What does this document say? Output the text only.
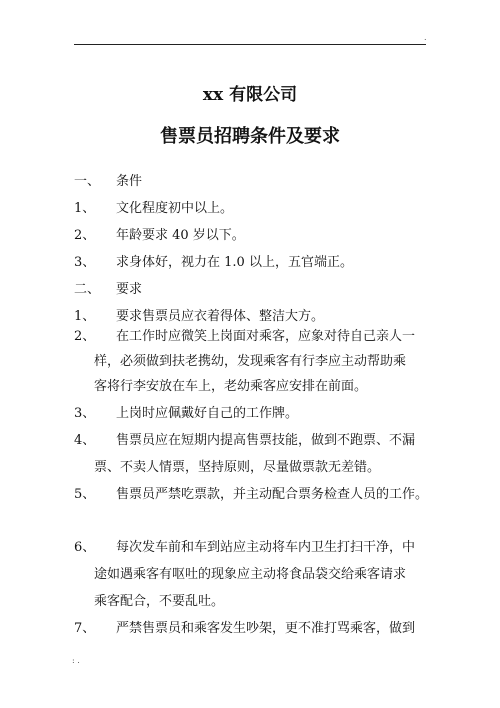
.
xx 有限公司
售票员招聘条件及要求
一、 条件
1、 文化程度初中以上。
2、 年龄要求 40 岁以下。
3、 求身体好，视力在 1.0 以上，五官端正。
二、 要求
1、 要求售票员应衣着得体、整洁大方。
2、 在工作时应微笑上岗面对乘客，应象对待自己亲人一
样，必须做到扶老携幼，发现乘客有行李应主动帮助乘
客将行李安放在车上，老幼乘客应安排在前面。
3、 上岗时应佩戴好自己的工作牌。
4、 售票员应在短期内提高售票技能，做到不跑票、不漏
票、不卖人情票，坚持原则，尽量做票款无差错。
5、 售票员严禁吃票款，并主动配合票务检查人员的工作。
6、 每次发车前和车到站应主动将车内卫生打扫干净，中
途如遇乘客有呕吐的现象应主动将食品袋交给乘客请求
乘客配合，不要乱吐。
7、 严禁售票员和乘客发生吵架，更不准打骂乘客，做到
: .
